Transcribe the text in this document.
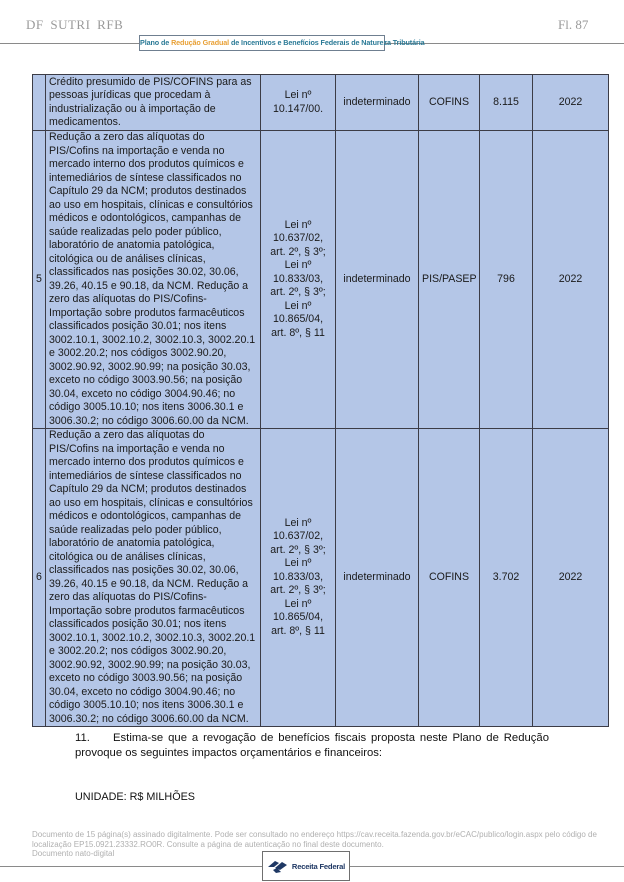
DF SUTRI RFB	Fl. 87
Plano de Redução Gradual de Incentivos e Benefícios Federais de Natureza Tributária
	Crédito presumido de PIS/COFINS para as pessoas jurídicas que procedam à industrialização ou à importação de medicamentos.	Lei nº 10.147/00.	indeterminado	COFINS	8.115	2022
5	Redução a zero das alíquotas do PIS/Cofins na importação e venda no mercado interno dos produtos químicos e intemediários de síntese classificados no Capítulo 29 da NCM; produtos destinados ao uso em hospitais, clínicas e consultórios médicos e odontológicos, campanhas de saúde realizadas pelo poder público, laboratório de anatomia patológica, citológica ou de análises clínicas, classificados nas posições 30.02, 30.06, 39.26, 40.15 e 90.18, da NCM. Redução a zero das alíquotas do PIS/Cofins-Importação sobre produtos farmacêuticos classificados posição 30.01; nos itens 3002.10.1, 3002.10.2, 3002.10.3, 3002.20.1 e 3002.20.2; nos códigos 3002.90.20, 3002.90.92, 3002.90.99; na posição 30.03, exceto no código 3003.90.56; na posição 30.04, exceto no código 3004.90.46; no código 3005.10.10; nos itens 3006.30.1 e 3006.30.2; no código 3006.60.00 da NCM.	Lei nº 10.637/02, art. 2º, § 3º; Lei nº 10.833/03, art. 2º, § 3º; Lei nº 10.865/04, art. 8º, § 11	indeterminado	PIS/PASEP	796	2022
6	Redução a zero das alíquotas do PIS/Cofins na importação e venda no mercado interno dos produtos químicos e intemediários de síntese classificados no Capítulo 29 da NCM; produtos destinados ao uso em hospitais, clínicas e consultórios médicos e odontológicos, campanhas de saúde realizadas pelo poder público, laboratório de anatomia patológica, citológica ou de análises clínicas, classificados nas posições 30.02, 30.06, 39.26, 40.15 e 90.18, da NCM. Redução a zero das alíquotas do PIS/Cofins-Importação sobre produtos farmacêuticos classificados posição 30.01; nos itens 3002.10.1, 3002.10.2, 3002.10.3, 3002.20.1 e 3002.20.2; nos códigos 3002.90.20, 3002.90.92, 3002.90.99; na posição 30.03, exceto no código 3003.90.56; na posição 30.04, exceto no código 3004.90.46; no código 3005.10.10; nos itens 3006.30.1 e 3006.30.2; no código 3006.60.00 da NCM.	Lei nº 10.637/02, art. 2º, § 3º; Lei nº 10.833/03, art. 2º, § 3º; Lei nº 10.865/04, art. 8º, § 11	indeterminado	COFINS	3.702	2022
11. Estima-se que a revogação de benefícios fiscais proposta neste Plano de Redução provoque os seguintes impactos orçamentários e financeiros:
UNIDADE: R$ MILHÕES
Documento de 15 página(s) assinado digitalmente. Pode ser consultado no endereço https://cav.receita.fazenda.gov.br/eCAC/publico/login.aspx pelo código de localização EP15.0921.23332.RO0R. Consulte a página de autenticação no final deste documento.
Documento nato-digital
Receita Federal
